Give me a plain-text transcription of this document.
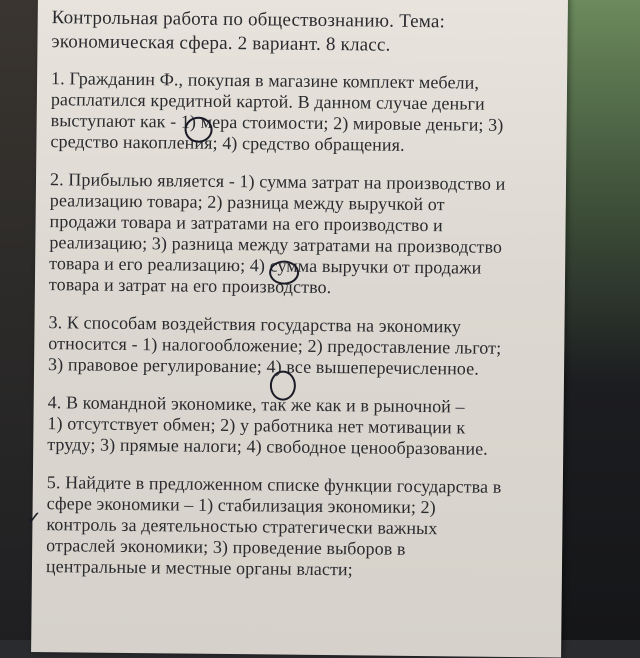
Контрольная работа по обществознанию. Тема:
экономическая сфера. 2 вариант. 8 класс.
1. Гражданин Ф., покупая в магазине комплект мебели,
расплатился кредитной картой. В данном случае деньги
выступают как - 1) мера стоимости; 2) мировые деньги; 3)
средство накопления; 4) средство обращения.
2. Прибылью является - 1) сумма затрат на производство и
реализацию товара; 2) разница между выручкой от
продажи товара и затратами на его производство и
реализацию; 3) разница между затратами на производство
товара и его реализацию; 4) сумма выручки от продажи
товара и затрат на его производство.
3. К способам воздействия государства на экономику
относится - 1) налогообложение; 2) предоставление льгот;
3) правовое регулирование; 4) все вышеперечисленное.
4. В командной экономике, так же как и в рыночной –
1) отсутствует обмен; 2) у работника нет мотивации к
труду; 3) прямые налоги; 4) свободное ценообразование.
5. Найдите в предложенном списке функции государства в
сфере экономики – 1) стабилизация экономики; 2)
контроль за деятельностью стратегически важных
отраслей экономики; 3) проведение выборов в
центральные и местные органы власти;
✓
